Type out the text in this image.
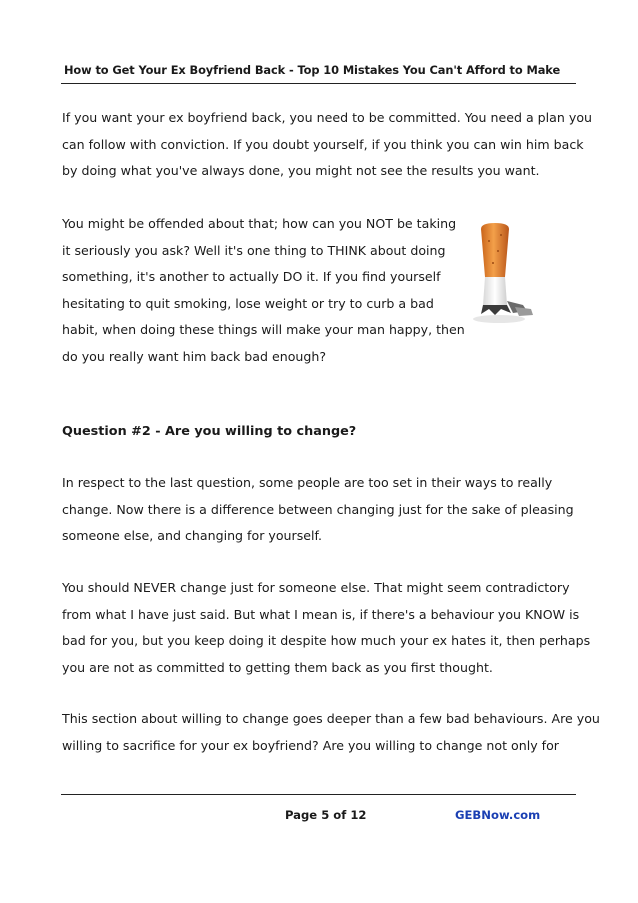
How to Get Your Ex Boyfriend Back - Top 10 Mistakes You Can't Afford to Make
If you want your ex boyfriend back, you need to be committed. You need a plan you
can follow with conviction. If you doubt yourself, if you think you can win him back
by doing what you've always done, you might not see the results you want.
You might be offended about that; how can you NOT be taking
it seriously you ask? Well it's one thing to THINK about doing
something, it's another to actually DO it. If you find yourself
hesitating to quit smoking, lose weight or try to curb a bad
habit, when doing these things will make your man happy, then
do you really want him back bad enough?
Question #2 - Are you willing to change?
In respect to the last question, some people are too set in their ways to really
change. Now there is a difference between changing just for the sake of pleasing
someone else, and changing for yourself.
You should NEVER change just for someone else. That might seem contradictory
from what I have just said. But what I mean is, if there's a behaviour you KNOW is
bad for you, but you keep doing it despite how much your ex hates it, then perhaps
you are not as committed to getting them back as you first thought.
This section about willing to change goes deeper than a few bad behaviours. Are you
willing to sacrifice for your ex boyfriend? Are you willing to change not only for
Page 5 of 12	GEBNow.com
